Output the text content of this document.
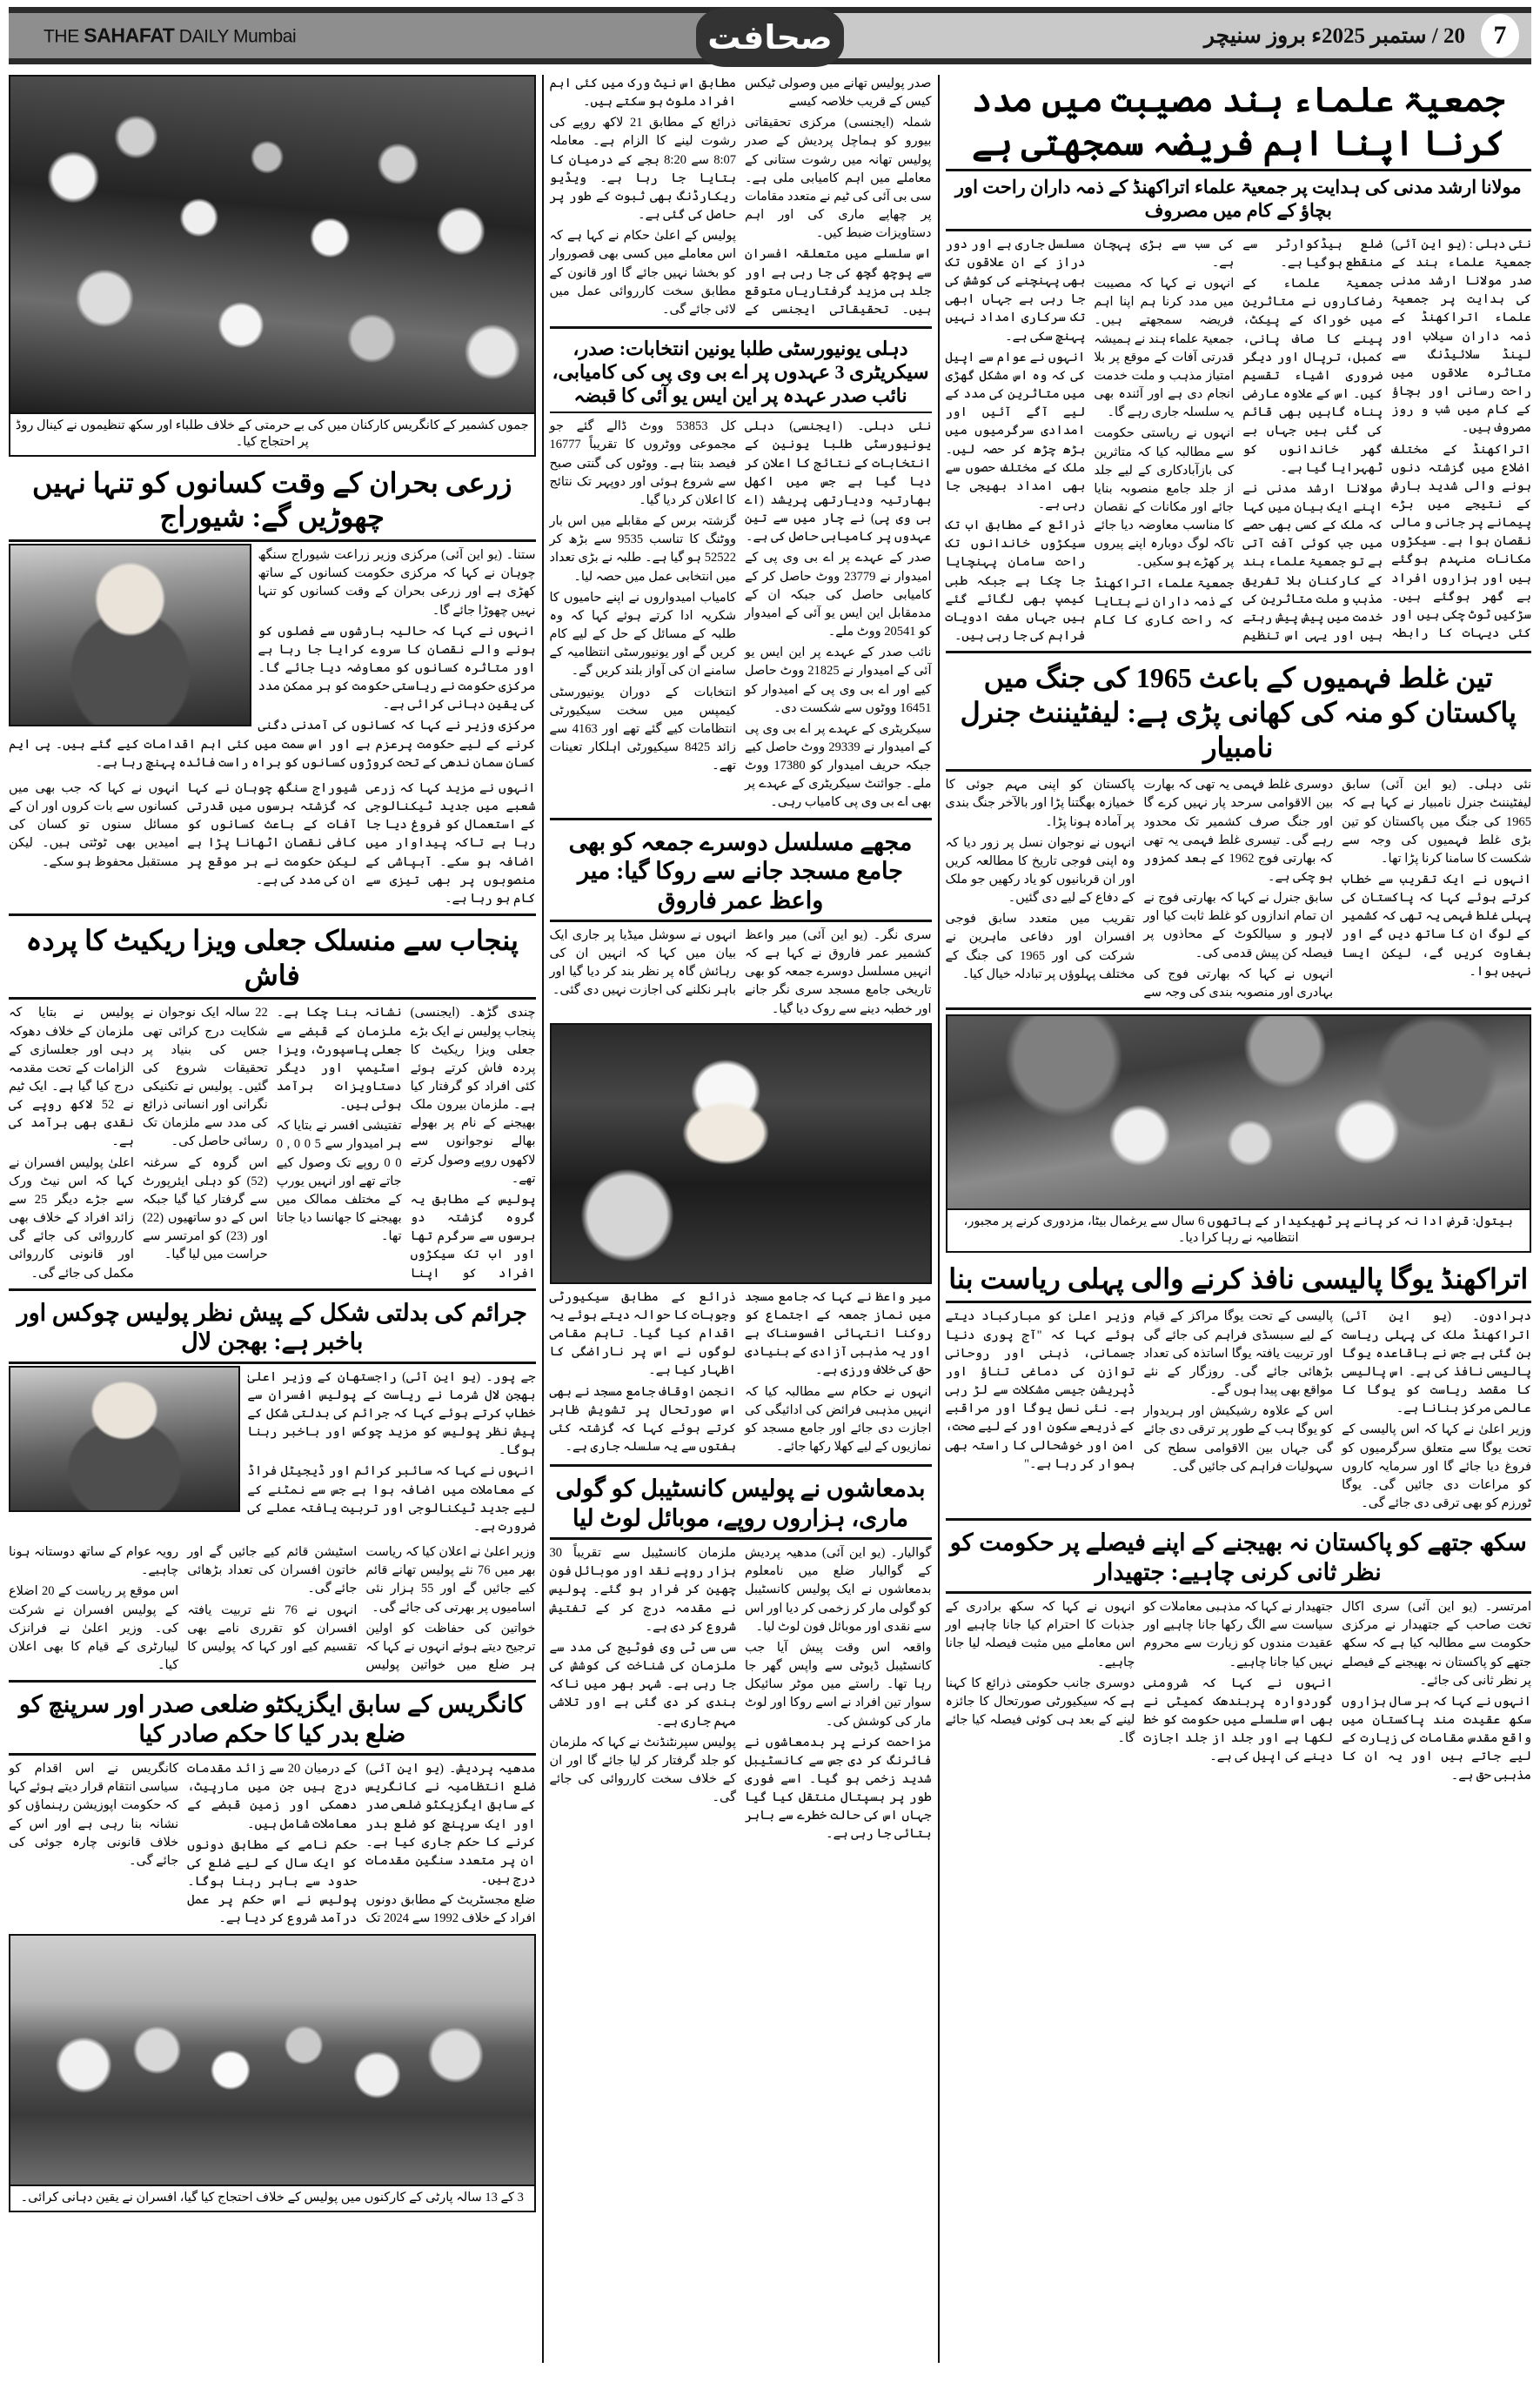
7
20 / ستمبر 2025ء بروز سنیچر
THE SAHAFAT DAILY Mumbai	صحافت
جمعیۃ علماء ہند مصیبت میں مدد کرنا اپنا اہم فریضہ سمجھتی ہے
مولانا ارشد مدنی کی ہدایت پر جمعیۃ علماء اتراکھنڈ کے ذمہ داران راحت اور بچاؤ کے کام میں مصروف

نئی دہلی : (یو این آئی) جمعیۃ علماء ہند کے صدر مولانا ارشد مدنی کی ہدایت پر جمعیۃ علماء اتراکھنڈ کے ذمہ داران سیلاب اور لینڈ سلائیڈنگ سے متاثرہ علاقوں میں راحت رسانی اور بچاؤ کے کام میں شب و روز مصروف ہیں۔

اتراکھنڈ کے مختلف اضلاع میں گزشتہ دنوں ہونے والی شدید بارش کے نتیجے میں بڑے پیمانے پر جانی و مالی نقصان ہوا ہے۔ سیکڑوں مکانات منہدم ہوگئے ہیں اور ہزاروں افراد بے گھر ہوگئے ہیں۔ سڑکیں ٹوٹ چکی ہیں اور کئی دیہات کا رابطہ ضلع ہیڈکوارٹر سے منقطع ہوگیا ہے۔

جمعیۃ علماء کے رضاکاروں نے متاثرین میں خوراک کے پیکٹ، پینے کا صاف پانی، کمبل، ترپال اور دیگر ضروری اشیاء تقسیم کیں۔ اس کے علاوہ عارضی پناہ گاہیں بھی قائم کی گئی ہیں جہاں بے گھر خاندانوں کو ٹھہرایا گیا ہے۔

مولانا ارشد مدنی نے اپنے ایک بیان میں کہا کہ ملک کے کسی بھی حصے میں جب کوئی آفت آتی ہے تو جمعیۃ علماء ہند کے کارکنان بلا تفریق مذہب و ملت متاثرین کی خدمت میں پیش پیش رہتے ہیں اور یہی اس تنظیم کی سب سے بڑی پہچان ہے۔

انہوں نے کہا کہ مصیبت میں مدد کرنا ہم اپنا اہم فریضہ سمجھتے ہیں۔ جمعیۃ علماء ہند نے ہمیشہ قدرتی آفات کے موقع پر بلا امتیاز مذہب و ملت خدمت انجام دی ہے اور آئندہ بھی یہ سلسلہ جاری رہے گا۔

انہوں نے ریاستی حکومت سے مطالبہ کیا کہ متاثرین کی بازآبادکاری کے لیے جلد از جلد جامع منصوبہ بنایا جائے اور مکانات کے نقصان کا مناسب معاوضہ دیا جائے تاکہ لوگ دوبارہ اپنے پیروں پر کھڑے ہو سکیں۔

جمعیۃ علماء اتراکھنڈ کے ذمہ داران نے بتایا کہ راحت کاری کا کام مسلسل جاری ہے اور دور دراز کے ان علاقوں تک بھی پہنچنے کی کوشش کی جا رہی ہے جہاں ابھی تک سرکاری امداد نہیں پہنچ سکی ہے۔

انہوں نے عوام سے اپیل کی کہ وہ اس مشکل گھڑی میں متاثرین کی مدد کے لیے آگے آئیں اور امدادی سرگرمیوں میں بڑھ چڑھ کر حصہ لیں۔ ملک کے مختلف حصوں سے بھی امداد بھیجی جا رہی ہے۔

ذرائع کے مطابق اب تک سیکڑوں خاندانوں تک راحت سامان پہنچایا جا چکا ہے جبکہ طبی کیمپ بھی لگائے گئے ہیں جہاں مفت ادویات فراہم کی جا رہی ہیں۔

تین غلط فہمیوں کے باعث 1965 کی جنگ میں پاکستان کو منہ کی کھانی پڑی ہے: لیفٹیننٹ جنرل نامبیار

نئی دہلی۔ (یو این آئی) سابق لیفٹیننٹ جنرل نامبیار نے کہا ہے کہ 1965 کی جنگ میں پاکستان کو تین بڑی غلط فہمیوں کی وجہ سے شکست کا سامنا کرنا پڑا تھا۔

انہوں نے ایک تقریب سے خطاب کرتے ہوئے کہا کہ پاکستان کی پہلی غلط فہمی یہ تھی کہ کشمیر کے لوگ ان کا ساتھ دیں گے اور بغاوت کریں گے، لیکن ایسا نہیں ہوا۔

دوسری غلط فہمی یہ تھی کہ بھارت بین الاقوامی سرحد پار نہیں کرے گا اور جنگ صرف کشمیر تک محدود رہے گی۔ تیسری غلط فہمی یہ تھی کہ بھارتی فوج 1962 کے بعد کمزور ہو چکی ہے۔

سابق جنرل نے کہا کہ بھارتی فوج نے ان تمام اندازوں کو غلط ثابت کیا اور لاہور و سیالکوٹ کے محاذوں پر فیصلہ کن پیش قدمی کی۔

انہوں نے کہا کہ بھارتی فوج کی بہادری اور منصوبہ بندی کی وجہ سے پاکستان کو اپنی مہم جوئی کا خمیازہ بھگتنا پڑا اور بالآخر جنگ بندی پر آمادہ ہونا پڑا۔

انہوں نے نوجوان نسل پر زور دیا کہ وہ اپنی فوجی تاریخ کا مطالعہ کریں اور ان قربانیوں کو یاد رکھیں جو ملک کے دفاع کے لیے دی گئیں۔

تقریب میں متعدد سابق فوجی افسران اور دفاعی ماہرین نے شرکت کی اور 1965 کی جنگ کے مختلف پہلوؤں پر تبادلہ خیال کیا۔

بیتول: قرض ادا نہ کر پانے پر ٹھیکیدار کے ہاتھوں 6 سال سے یرغمال بیٹا، مزدوری کرنے پر مجبور، انتظامیہ نے رہا کرا دیا۔
اتراکھنڈ یوگا پالیسی نافذ کرنے والی پہلی ریاست بنا

دہرادون۔ (یو این آئی) اتراکھنڈ ملک کی پہلی ریاست بن گئی ہے جس نے باقاعدہ یوگا پالیسی نافذ کی ہے۔ اس پالیسی کا مقصد ریاست کو یوگا کا عالمی مرکز بنانا ہے۔

وزیر اعلیٰ نے کہا کہ اس پالیسی کے تحت یوگا سے متعلق سرگرمیوں کو فروغ دیا جائے گا اور سرمایہ کاروں کو مراعات دی جائیں گی۔ یوگا ٹورزم کو بھی ترقی دی جائے گی۔

پالیسی کے تحت یوگا مراکز کے قیام کے لیے سبسڈی فراہم کی جائے گی اور تربیت یافتہ یوگا اساتذہ کی تعداد بڑھائی جائے گی۔ روزگار کے نئے مواقع بھی پیدا ہوں گے۔

اس کے علاوہ رشیکیش اور ہریدوار کو یوگا ہب کے طور پر ترقی دی جائے گی جہاں بین الاقوامی سطح کی سہولیات فراہم کی جائیں گی۔

وزیر اعلیٰ کو مبارکباد دیتے ہوئے کہا کہ "آج پوری دنیا جسمانی، ذہنی اور روحانی توازن کی دماغی تناؤ اور ڈپریشن جیسی مشکلات سے لڑ رہی ہے۔ نئی نسل یوگا اور مراقبے کے ذریعے سکون اور کے لیے صحت، امن اور خوشحالی کا راستہ بھی ہموار کر رہا ہے۔"

سکھ جتھے کو پاکستان نہ بھیجنے کے اپنے فیصلے پر حکومت کو نظر ثانی کرنی چاہیے: جتھیدار

امرتسر۔ (یو این آئی) سری اکال تخت صاحب کے جتھیدار نے مرکزی حکومت سے مطالبہ کیا ہے کہ سکھ جتھے کو پاکستان نہ بھیجنے کے فیصلے پر نظر ثانی کی جائے۔

انہوں نے کہا کہ ہر سال ہزاروں سکھ عقیدت مند پاکستان میں واقع مقدس مقامات کی زیارت کے لیے جاتے ہیں اور یہ ان کا مذہبی حق ہے۔

جتھیدار نے کہا کہ مذہبی معاملات کو سیاست سے الگ رکھا جانا چاہیے اور عقیدت مندوں کو زیارت سے محروم نہیں کیا جانا چاہیے۔

انہوں نے کہا کہ شرومنی گوردوارہ پربندھک کمیٹی نے بھی اس سلسلے میں حکومت کو خط لکھا ہے اور جلد از جلد اجازت دینے کی اپیل کی ہے۔

انہوں نے کہا کہ سکھ برادری کے جذبات کا احترام کیا جانا چاہیے اور اس معاملے میں مثبت فیصلہ لیا جانا چاہیے۔

دوسری جانب حکومتی ذرائع کا کہنا ہے کہ سیکیورٹی صورتحال کا جائزہ لینے کے بعد ہی کوئی فیصلہ کیا جائے گا۔

صدر پولیس تھانے میں وصولی ٹیکس کیس کے قریب خلاصہ کیسے

شملہ (ایجنسی) مرکزی تحقیقاتی بیورو کو ہماچل پردیش کے صدر پولیس تھانہ میں رشوت ستانی کے معاملے میں اہم کامیابی ملی ہے۔ سی بی آئی کی ٹیم نے متعدد مقامات پر چھاپے ماری کی اور اہم دستاویزات ضبط کیں۔

اس سلسلے میں متعلقہ افسران سے پوچھ گچھ کی جا رہی ہے اور جلد ہی مزید گرفتاریاں متوقع ہیں۔ تحقیقاتی ایجنسی کے مطابق اس نیٹ ورک میں کئی اہم افراد ملوث ہو سکتے ہیں۔

ذرائع کے مطابق 21 لاکھ روپے کی رشوت لینے کا الزام ہے۔ معاملہ 8:07 سے 8:20 بجے کے درمیان کا بتایا جا رہا ہے۔ ویڈیو ریکارڈنگ بھی ثبوت کے طور پر حاصل کی گئی ہے۔

پولیس کے اعلیٰ حکام نے کہا ہے کہ اس معاملے میں کسی بھی قصوروار کو بخشا نہیں جائے گا اور قانون کے مطابق سخت کارروائی عمل میں لائی جائے گی۔

دہلی یونیورسٹی طلبا یونین انتخابات: صدر، سیکریٹری 3 عہدوں پر اے بی وی پی کی کامیابی، نائب صدر عہدہ پر این ایس یو آئی کا قبضہ

نئی دہلی۔ (ایجنسی) دہلی یونیورسٹی طلبا یونین کے انتخابات کے نتائج کا اعلان کر دیا گیا ہے جس میں اکھل بھارتیہ ودیارتھی پریشد (اے بی وی پی) نے چار میں سے تین عہدوں پر کامیابی حاصل کی ہے۔

صدر کے عہدے پر اے بی وی پی کے امیدوار نے 23779 ووٹ حاصل کر کے کامیابی حاصل کی جبکہ ان کے مدمقابل این ایس یو آئی کے امیدوار کو 20541 ووٹ ملے۔

نائب صدر کے عہدے پر این ایس یو آئی کے امیدوار نے 21825 ووٹ حاصل کیے اور اے بی وی پی کے امیدوار کو 16451 ووٹوں سے شکست دی۔

سیکریٹری کے عہدے پر اے بی وی پی کے امیدوار نے 29339 ووٹ حاصل کیے جبکہ حریف امیدوار کو 17380 ووٹ ملے۔ جوائنٹ سیکریٹری کے عہدے پر بھی اے بی وی پی کامیاب رہی۔

کل 53853 ووٹ ڈالے گئے جو مجموعی ووٹروں کا تقریباً 16777 فیصد بنتا ہے۔ ووٹوں کی گنتی صبح سے شروع ہوئی اور دوپہر تک نتائج کا اعلان کر دیا گیا۔

گزشتہ برس کے مقابلے میں اس بار ووٹنگ کا تناسب 9535 سے بڑھ کر 52522 ہو گیا ہے۔ طلبہ نے بڑی تعداد میں انتخابی عمل میں حصہ لیا۔

کامیاب امیدواروں نے اپنے حامیوں کا شکریہ ادا کرتے ہوئے کہا کہ وہ طلبہ کے مسائل کے حل کے لیے کام کریں گے اور یونیورسٹی انتظامیہ کے سامنے ان کی آواز بلند کریں گے۔

انتخابات کے دوران یونیورسٹی کیمپس میں سخت سیکیورٹی انتظامات کیے گئے تھے اور 4163 سے زائد 8425 سیکیورٹی اہلکار تعینات تھے۔

مجھے مسلسل دوسرے جمعہ کو بھی جامع مسجد جانے سے روکا گیا: میر واعظ عمر فاروق

سری نگر۔ (یو این آئی) میر واعظ کشمیر عمر فاروق نے کہا ہے کہ انہیں مسلسل دوسرے جمعہ کو بھی تاریخی جامع مسجد سری نگر جانے اور خطبہ دینے سے روک دیا گیا۔

انہوں نے سوشل میڈیا پر جاری ایک بیان میں کہا کہ انہیں ان کی رہائش گاہ پر نظر بند کر دیا گیا اور باہر نکلنے کی اجازت نہیں دی گئی۔

میر واعظ نے کہا کہ جامع مسجد میں نماز جمعہ کے اجتماع کو روکنا انتہائی افسوسناک ہے اور یہ مذہبی آزادی کے بنیادی حق کی خلاف ورزی ہے۔

انہوں نے حکام سے مطالبہ کیا کہ انہیں مذہبی فرائض کی ادائیگی کی اجازت دی جائے اور جامع مسجد کو نمازیوں کے لیے کھلا رکھا جائے۔

ذرائع کے مطابق سیکیورٹی وجوہات کا حوالہ دیتے ہوئے یہ اقدام کیا گیا۔ تاہم مقامی لوگوں نے اس پر ناراضگی کا اظہار کیا ہے۔

انجمن اوقاف جامع مسجد نے بھی اس صورتحال پر تشویش ظاہر کرتے ہوئے کہا کہ گزشتہ کئی ہفتوں سے یہ سلسلہ جاری ہے۔

بدمعاشوں نے پولیس کانسٹیبل کو گولی ماری، ہزاروں روپے، موبائل لوٹ لیا

گوالیار۔ (یو این آئی) مدھیہ پردیش کے گوالیار ضلع میں نامعلوم بدمعاشوں نے ایک پولیس کانسٹیبل کو گولی مار کر زخمی کر دیا اور اس سے نقدی اور موبائل فون لوٹ لیا۔

واقعہ اس وقت پیش آیا جب کانسٹیبل ڈیوٹی سے واپس گھر جا رہا تھا۔ راستے میں موٹر سائیکل سوار تین افراد نے اسے روکا اور لوٹ مار کی کوشش کی۔

مزاحمت کرنے پر بدمعاشوں نے فائرنگ کر دی جس سے کانسٹیبل شدید زخمی ہو گیا۔ اسے فوری طور پر ہسپتال منتقل کیا گیا جہاں اس کی حالت خطرے سے باہر بتائی جا رہی ہے۔

ملزمان کانسٹیبل سے تقریباً 30 ہزار روپے نقد اور موبائل فون چھین کر فرار ہو گئے۔ پولیس نے مقدمہ درج کر کے تفتیش شروع کر دی ہے۔

سی سی ٹی وی فوٹیج کی مدد سے ملزمان کی شناخت کی کوشش کی جا رہی ہے۔ شہر بھر میں ناکہ بندی کر دی گئی ہے اور تلاشی مہم جاری ہے۔

پولیس سپرنٹنڈنٹ نے کہا کہ ملزمان کو جلد گرفتار کر لیا جائے گا اور ان کے خلاف سخت کارروائی کی جائے گی۔

جموں کشمیر کے کانگریس کارکنان میں کی بے حرمتی کے خلاف طلباء اور سکھ تنظیموں نے کینال روڈ پر احتجاج کیا۔
زرعی بحران کے وقت کسانوں کو تنہا نہیں چھوڑیں گے: شیوراج

ستنا۔ (یو این آئی) مرکزی وزیر زراعت شیوراج سنگھ چوہان نے کہا کہ مرکزی حکومت کسانوں کے ساتھ کھڑی ہے اور زرعی بحران کے وقت کسانوں کو تنہا نہیں چھوڑا جائے گا۔

انہوں نے کہا کہ حالیہ بارشوں سے فصلوں کو ہونے والے نقصان کا سروے کرایا جا رہا ہے اور متاثرہ کسانوں کو معاوضہ دیا جائے گا۔ مرکزی حکومت نے ریاستی حکومت کو ہر ممکن مدد کی یقین دہانی کرائی ہے۔

مرکزی وزیر نے کہا کہ کسانوں کی آمدنی دگنی کرنے کے لیے حکومت پرعزم ہے اور اس سمت میں کئی اہم اقدامات کیے گئے ہیں۔ پی ایم کسان سمان ندھی کے تحت کروڑوں کسانوں کو براہ راست فائدہ پہنچ رہا ہے۔

انہوں نے مزید کہا کہ زرعی شعبے میں جدید ٹیکنالوجی کے استعمال کو فروغ دیا جا رہا ہے تاکہ پیداوار میں اضافہ ہو سکے۔ آبپاشی کے منصوبوں پر بھی تیزی سے کام ہو رہا ہے۔

شیوراج سنگھ چوہان نے کہا کہ گزشتہ برسوں میں قدرتی آفات کے باعث کسانوں کو کافی نقصان اٹھانا پڑا ہے لیکن حکومت نے ہر موقع پر ان کی مدد کی ہے۔

انہوں نے کہا کہ جب بھی میں کسانوں سے بات کروں اور ان کے مسائل سنوں تو کسان کی امیدیں بھی ٹوٹتی ہیں۔ لیکن مستقبل محفوظ ہو سکے۔

پنجاب سے منسلک جعلی ویزا ریکیٹ کا پردہ فاش

چندی گڑھ۔ (ایجنسی) پنجاب پولیس نے ایک بڑے جعلی ویزا ریکیٹ کا پردہ فاش کرتے ہوئے کئی افراد کو گرفتار کیا ہے۔ ملزمان بیرون ملک بھیجنے کے نام پر بھولے بھالے نوجوانوں سے لاکھوں روپے وصول کرتے تھے۔

پولیس کے مطابق یہ گروہ گزشتہ دو برسوں سے سرگرم تھا اور اب تک سیکڑوں افراد کو اپنا نشانہ بنا چکا ہے۔ ملزمان کے قبضے سے جعلی پاسپورٹ، ویزا اسٹیمپ اور دیگر دستاویزات برآمد ہوئی ہیں۔

تفتیشی افسر نے بتایا کہ ہر امیدوار سے 5 0 0 , 0 0 0 روپے تک وصول کیے جاتے تھے اور انہیں یورپ کے مختلف ممالک میں بھیجنے کا جھانسا دیا جاتا تھا۔

22 سالہ ایک نوجوان نے شکایت درج کرائی تھی جس کی بنیاد پر تحقیقات شروع کی گئیں۔ پولیس نے تکنیکی نگرانی اور انسانی ذرائع کی مدد سے ملزمان تک رسائی حاصل کی۔

اس گروہ کے سرغنہ (52) کو دہلی ایئرپورٹ سے گرفتار کیا گیا جبکہ اس کے دو ساتھیوں (22) اور (23) کو امرتسر سے حراست میں لیا گیا۔

پولیس نے بتایا کہ ملزمان کے خلاف دھوکہ دہی اور جعلسازی کے الزامات کے تحت مقدمہ درج کیا گیا ہے۔ ایک ٹیم نے 52 لاکھ روپے کی نقدی بھی برآمد کی ہے۔

اعلیٰ پولیس افسران نے کہا کہ اس نیٹ ورک سے جڑے دیگر 25 سے زائد افراد کے خلاف بھی کارروائی کی جائے گی اور قانونی کارروائی مکمل کی جائے گی۔

جرائم کی بدلتی شکل کے پیش نظر پولیس چوکس اور باخبر ہے: بھجن لال

جے پور۔ (یو این آئی) راجستھان کے وزیر اعلیٰ بھجن لال شرما نے ریاست کے پولیس افسران سے خطاب کرتے ہوئے کہا کہ جرائم کی بدلتی شکل کے پیش نظر پولیس کو مزید چوکس اور باخبر رہنا ہوگا۔

انہوں نے کہا کہ سائبر کرائم اور ڈیجیٹل فراڈ کے معاملات میں اضافہ ہوا ہے جس سے نمٹنے کے لیے جدید ٹیکنالوجی اور تربیت یافتہ عملے کی ضرورت ہے۔

وزیر اعلیٰ نے اعلان کیا کہ ریاست بھر میں 76 نئے پولیس تھانے قائم کیے جائیں گے اور 55 ہزار نئی اسامیوں پر بھرتی کی جائے گی۔

خواتین کی حفاظت کو اولین ترجیح دیتے ہوئے انہوں نے کہا کہ ہر ضلع میں خواتین پولیس اسٹیشن قائم کیے جائیں گے اور خاتون افسران کی تعداد بڑھائی جائے گی۔

انہوں نے 76 نئے تربیت یافتہ افسران کو تقرری نامے بھی تقسیم کیے اور کہا کہ پولیس کا رویہ عوام کے ساتھ دوستانہ ہونا چاہیے۔

اس موقع پر ریاست کے 20 اضلاع کے پولیس افسران نے شرکت کی۔ وزیر اعلیٰ نے فرانزک لیبارٹری کے قیام کا بھی اعلان کیا۔

کانگریس کے سابق ایگزیکٹو ضلعی صدر اور سرپنچ کو ضلع بدر کیا کا حکم صادر کیا

مدھیہ پردیش۔ (یو این آئی) ضلع انتظامیہ نے کانگریس کے سابق ایگزیکٹو ضلعی صدر اور ایک سرپنچ کو ضلع بدر کرنے کا حکم جاری کیا ہے۔ ان پر متعدد سنگین مقدمات درج ہیں۔

ضلع مجسٹریٹ کے مطابق دونوں افراد کے خلاف 1992 سے 2024 تک کے درمیان 20 سے زائد مقدمات درج ہیں جن میں مارپیٹ، دھمکی اور زمین قبضے کے معاملات شامل ہیں۔

حکم نامے کے مطابق دونوں کو ایک سال کے لیے ضلع کی حدود سے باہر رہنا ہوگا۔ پولیس نے اس حکم پر عمل درآمد شروع کر دیا ہے۔

کانگریس نے اس اقدام کو سیاسی انتقام قرار دیتے ہوئے کہا کہ حکومت اپوزیشن رہنماؤں کو نشانہ بنا رہی ہے اور اس کے خلاف قانونی چارہ جوئی کی جائے گی۔

3 کے 13 سالہ پارٹی کے کارکنوں میں پولیس کے خلاف احتجاج کیا گیا، افسران نے یقین دہانی کرائی۔
